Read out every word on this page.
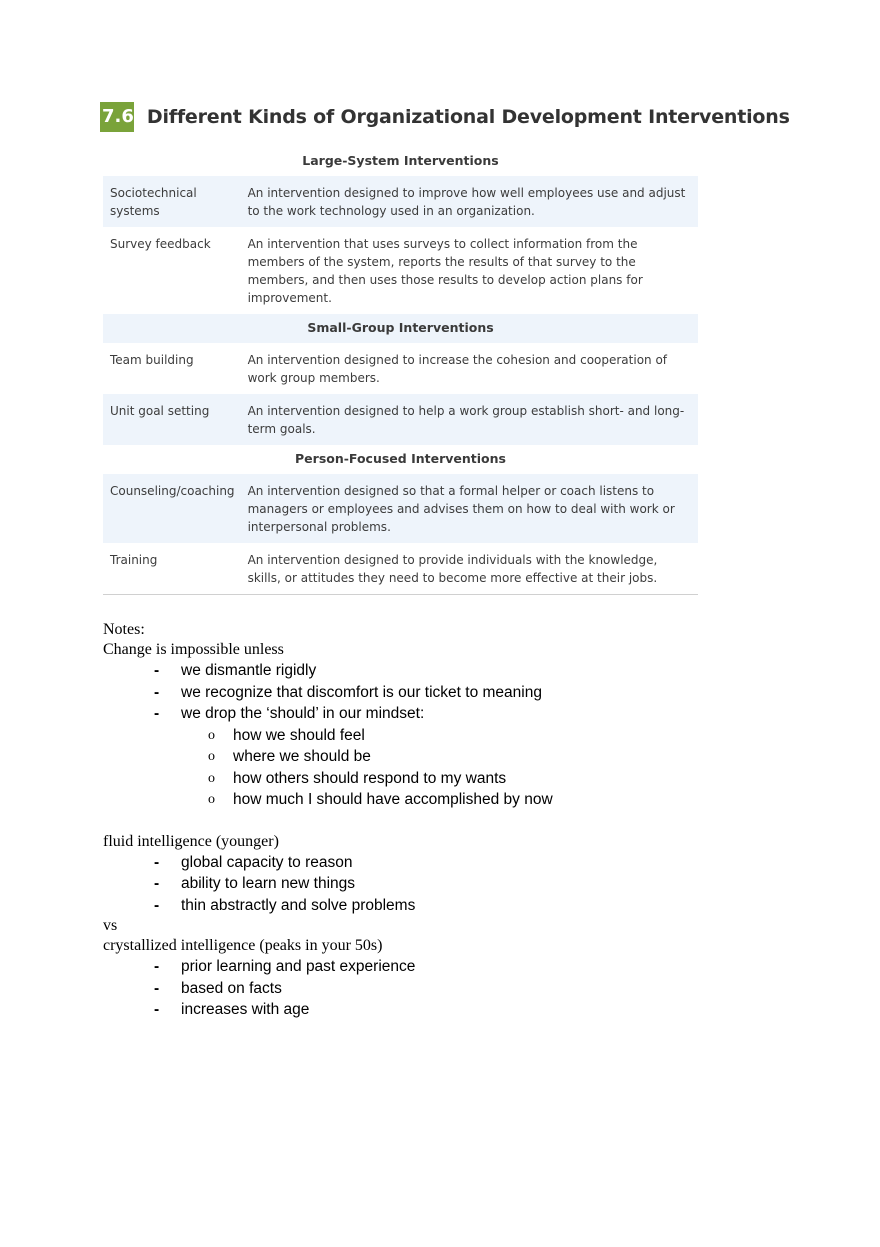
7.6 Different Kinds of Organizational Development Interventions
Large-System Interventions	
Sociotechnical systems	An intervention designed to improve how well employees use and adjust to the work technology used in an organization.
Survey feedback	An intervention that uses surveys to collect information from the members of the system, reports the results of that survey to the members, and then uses those results to develop action plans for improvement.
Small-Group Interventions	
Team building	An intervention designed to increase the cohesion and cooperation of work group members.
Unit goal setting	An intervention designed to help a work group establish short- and long-term goals.
Person-Focused Interventions	
Counseling/coaching	An intervention designed so that a formal helper or coach listens to managers or employees and advises them on how to deal with work or interpersonal problems.
Training	An intervention designed to provide individuals with the knowledge, skills, or attitudes they need to become more effective at their jobs.
Notes:
Change is impossible unless
- we dismantle rigidly
- we recognize that discomfort is our ticket to meaning
- we drop the ‘should’ in our mindset:
o how we should feel
o where we should be
o how others should respond to my wants
o how much I should have accomplished by now
fluid intelligence (younger)
- global capacity to reason
- ability to learn new things
- thin abstractly and solve problems
vs
crystallized intelligence (peaks in your 50s)
- prior learning and past experience
- based on facts
- increases with age
